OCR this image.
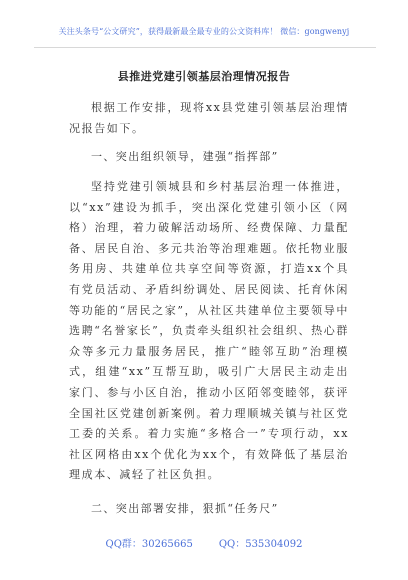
关注头条号“公文研究”，获得最新最全最专业的公文资料库！ 微信：gongwenyj
县推进党建引领基层治理情况报告

根据工作安排，现将xx县党建引领基层治理情况报告如下。

一、突出组织领导，建强“指挥部”

坚持党建引领城县和乡村基层治理一体推进，以“xx”建设为抓手，突出深化党建引领小区（网格）治理，着力破解活动场所、经费保障、力量配备、居民自治、多元共治等治理难题。依托物业服务用房、共建单位共享空间等资源，打造xx个具有党员活动、矛盾纠纷调处、居民阅读、托育休闲等功能的“居民之家”，从社区共建单位主要领导中选聘“名誉家长”，负责牵头组织社会组织、热心群众等多元力量服务居民，推广“睦邻互助”治理模式，组建“xx”互帮互助，吸引广大居民主动走出家门、参与小区自治，推动小区陌邻变睦邻，获评全国社区党建创新案例。着力理顺城关镇与社区党工委的关系。着力实施“多格合一”专项行动，xx社区网格由xx个优化为xx个，有效降低了基层治理成本、减轻了社区负担。

二、突出部署安排，狠抓“任务尺”
QQ群：30265665	QQ：535304092
